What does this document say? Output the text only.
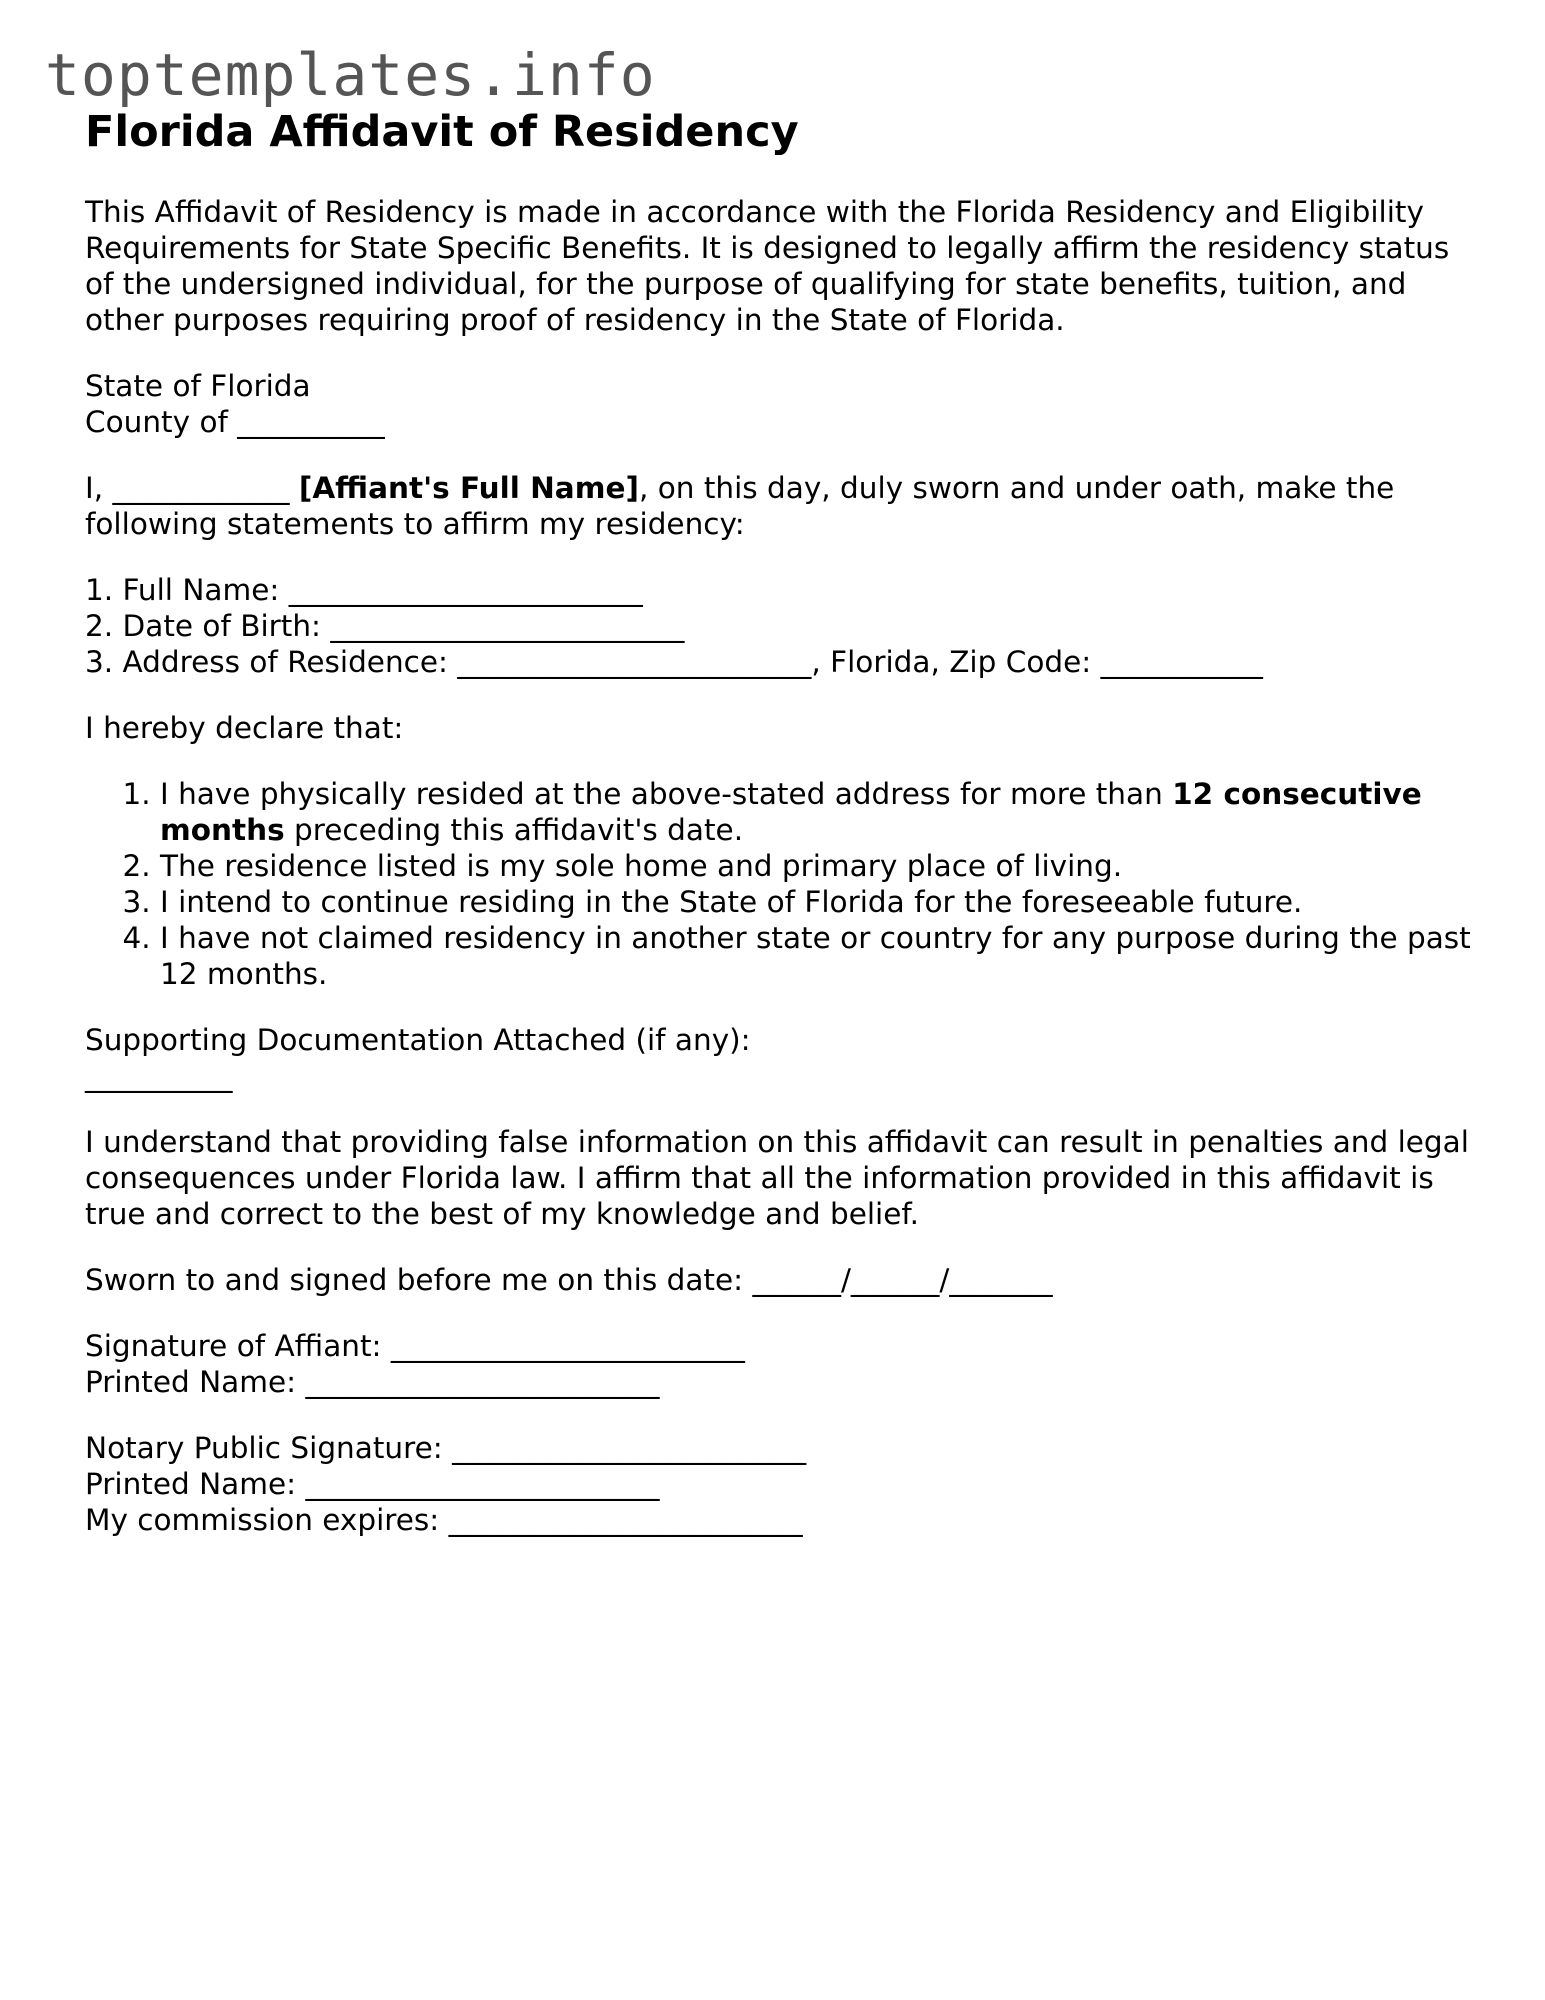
toptemplates.info
Florida Affidavit of Residency

This Affidavit of Residency is made in accordance with the Florida Residency and Eligibility Requirements for State Specific Benefits. It is designed to legally affirm the residency status of the undersigned individual, for the purpose of qualifying for state benefits, tuition, and other purposes requiring proof of residency in the State of Florida.

State of Florida
County of __________

I, ____________ [Affiant's Full Name], on this day, duly sworn and under oath, make the following statements to affirm my residency:

1. Full Name: ________________________
2. Date of Birth: ________________________
3. Address of Residence: ________________________, Florida, Zip Code: ___________

I hereby declare that:

1. I have physically resided at the above-stated address for more than 12 consecutive months preceding this affidavit's date.
2. The residence listed is my sole home and primary place of living.
3. I intend to continue residing in the State of Florida for the foreseeable future.
4. I have not claimed residency in another state or country for any purpose during the past 12 months.

Supporting Documentation Attached (if any):
__________

I understand that providing false information on this affidavit can result in penalties and legal consequences under Florida law. I affirm that all the information provided in this affidavit is true and correct to the best of my knowledge and belief.

Sworn to and signed before me on this date: ______/______/_______

Signature of Affiant: ________________________
Printed Name: ________________________

Notary Public Signature: ________________________
Printed Name: ________________________
My commission expires: ________________________
